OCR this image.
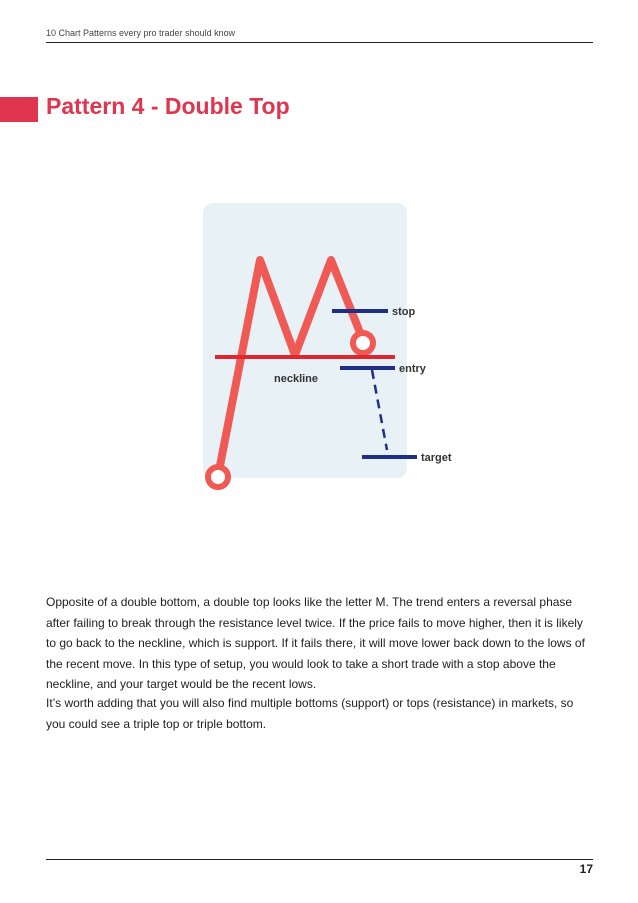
10 Chart Patterns every pro trader should know
Pattern 4 - Double Top
stop
entry
neckline
target

Opposite of a double bottom, a double top looks like the letter M. The trend enters a reversal phase after failing to break through the resistance level twice. If the price fails to move higher, then it is likely to go back to the neckline, which is support. If it fails there, it will move lower back down to the lows of the recent move. In this type of setup, you would look to take a short trade with a stop above the neckline, and your target would be the recent lows.

It’s worth adding that you will also find multiple bottoms (support) or tops (resistance) in markets, so you could see a triple top or triple bottom.

17
